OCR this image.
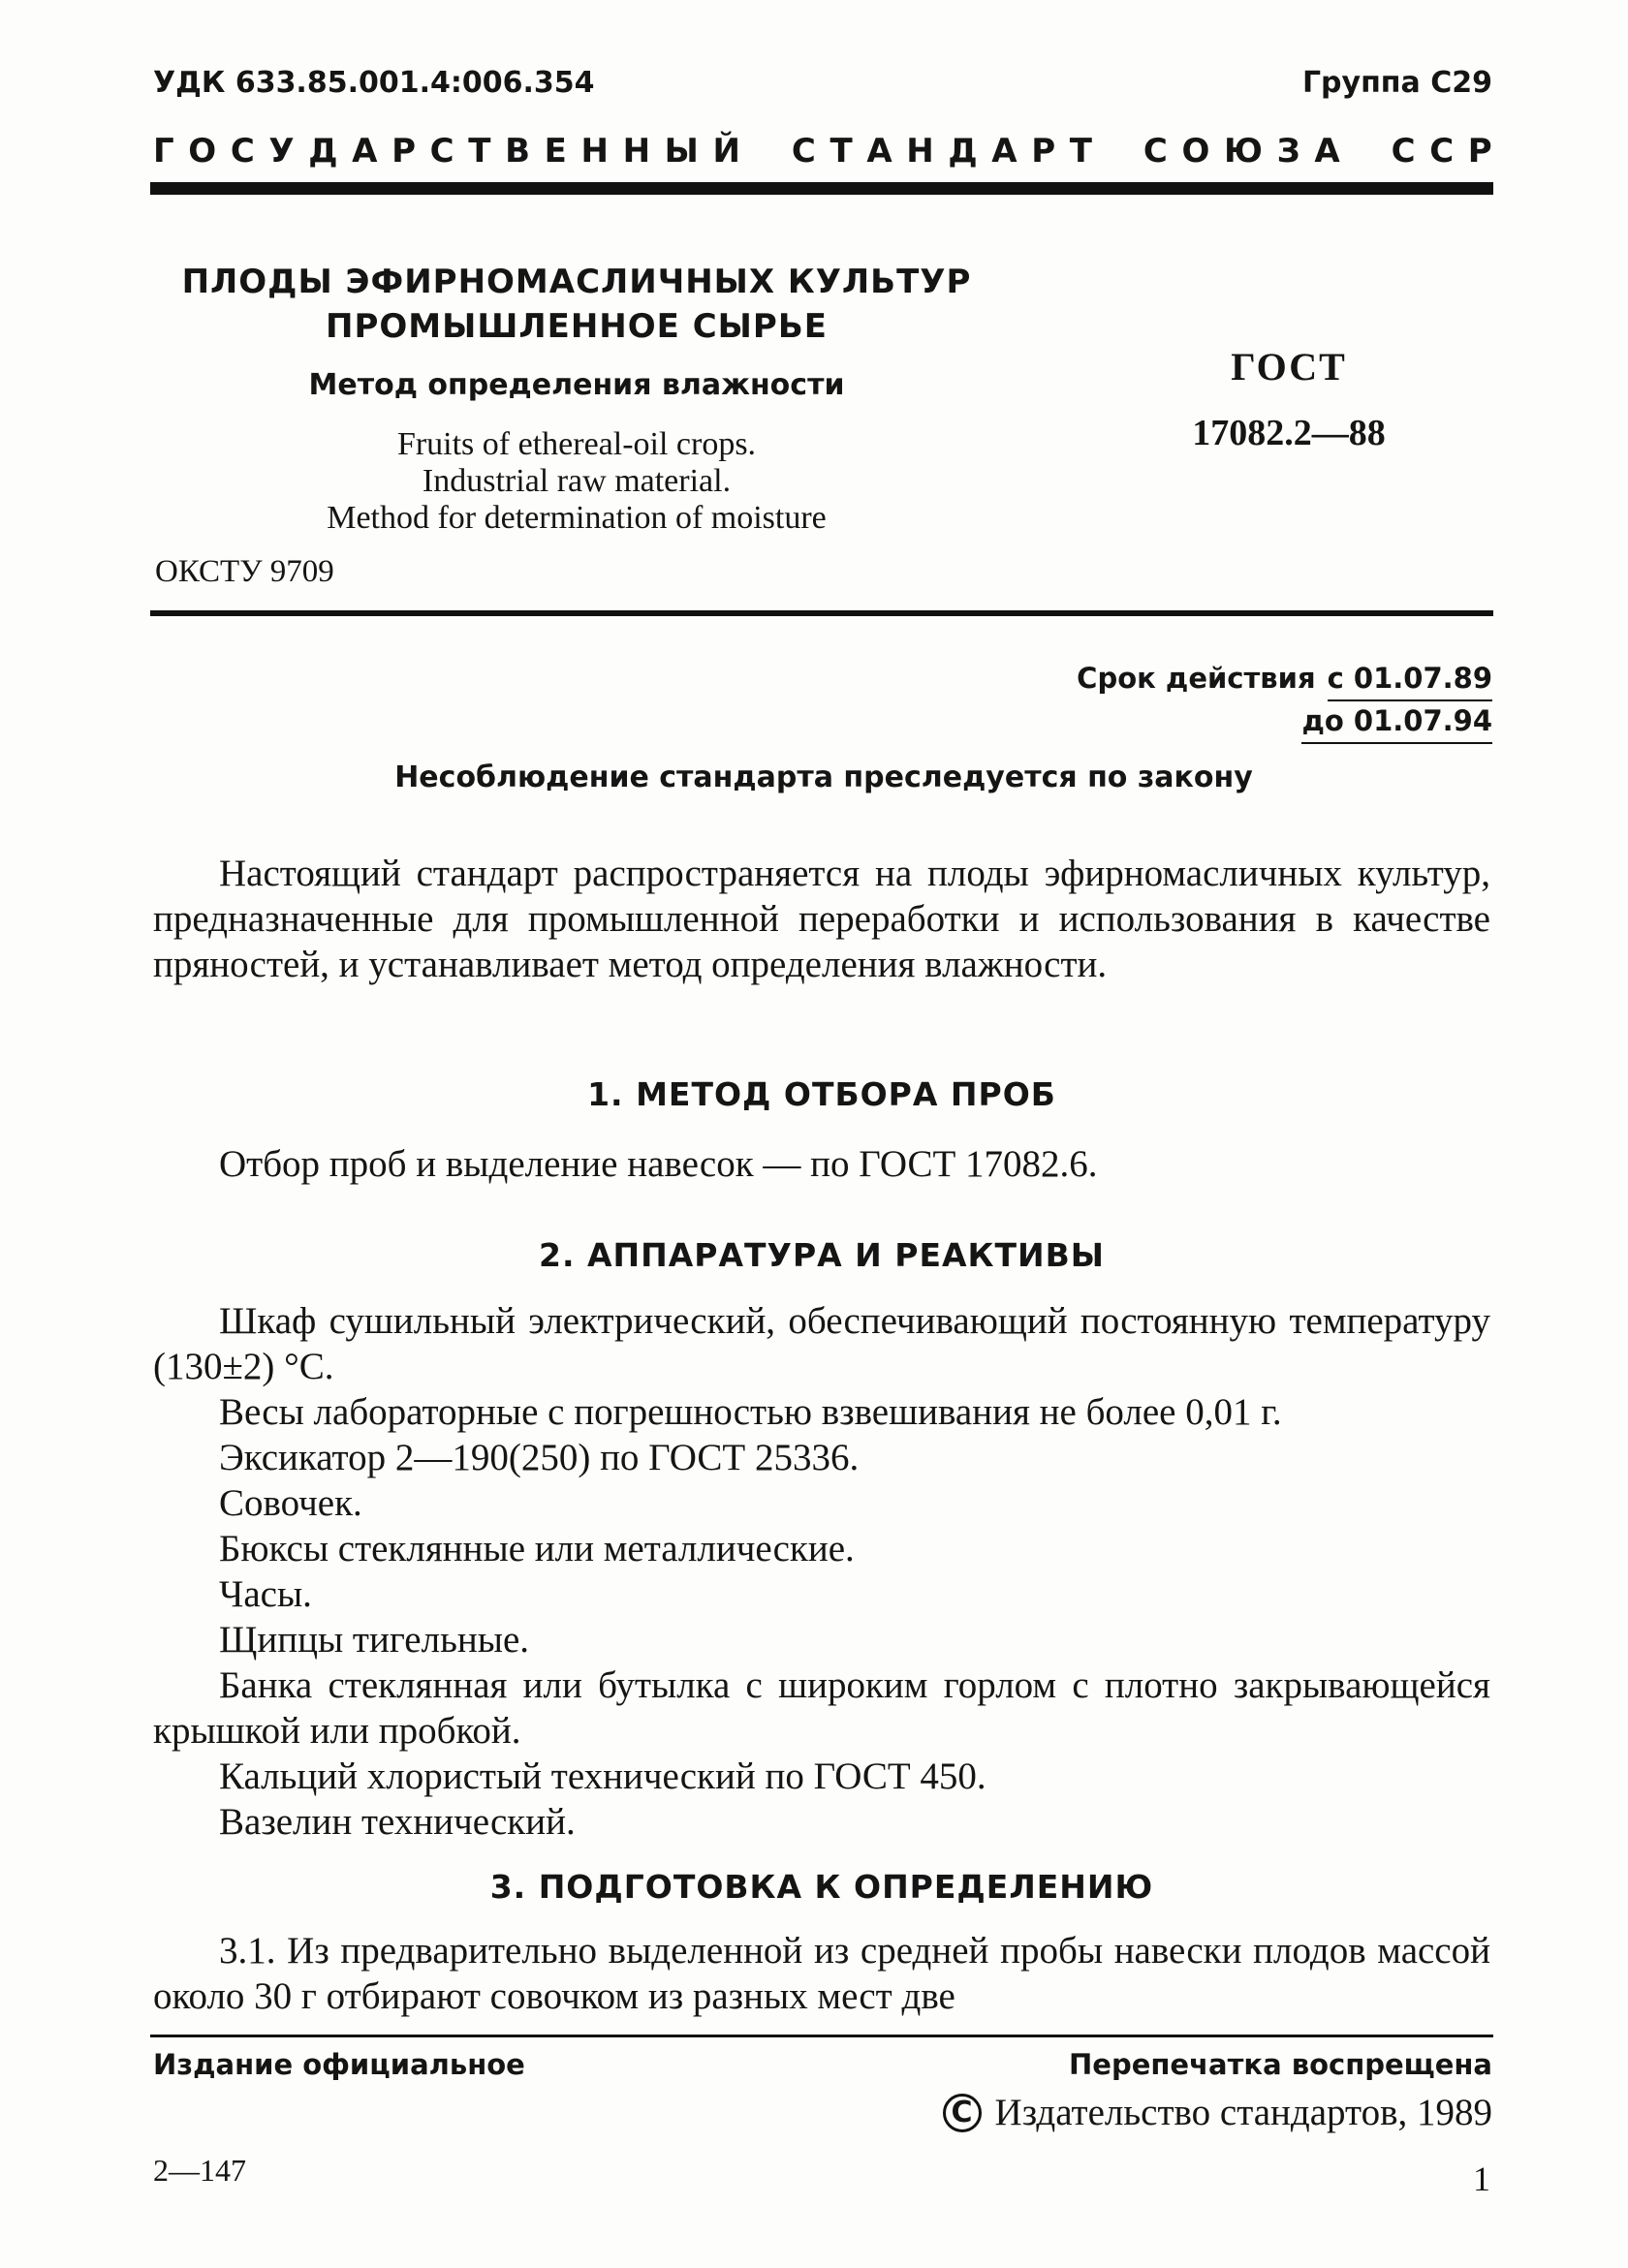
УДК 633.85.001.4:006.354	Группа С29
Г О С У Д А Р С Т В Е Н Н Ы Й
С Т А Н Д А Р Т
С О Ю З А
С С Р
ПЛОДЫ ЭФИРНОМАСЛИЧНЫХ КУЛЬТУР
ПРОМЫШЛЕННОЕ СЫРЬЕ
Метод определения влажности
Fruits of ethereal-oil crops.
Industrial raw material.
Method for determination of moisture
ГОСТ
17082.2—88
ОКСТУ 9709
Срок действия с 01.07.89
до 01.07.94
Несоблюдение стандарта преследуется по закону

Настоящий стандарт распространяется на плоды эфирномасличных культур, предназначенные для промышленной переработки и использования в качестве пряностей, и устанавливает метод определения влажности.

1. МЕТОД ОТБОРА ПРОБ

Отбор проб и выделение навесок — по ГОСТ 17082.6.

2. АППАРАТУРА И РЕАКТИВЫ

Шкаф сушильный электрический, обеспечивающий постоянную температуру (130±2) °С.

Весы лабораторные с погрешностью взвешивания не более 0,01 г.

Эксикатор 2—190(250) по ГОСТ 25336.

Совочек.

Бюксы стеклянные или металлические.

Часы.

Щипцы тигельные.

Банка стеклянная или бутылка с широким горлом с плотно закрывающейся крышкой или пробкой.

Кальций хлористый технический по ГОСТ 450.

Вазелин технический.

3. ПОДГОТОВКА К ОПРЕДЕЛЕНИЮ

3.1. Из предварительно выделенной из средней пробы навески плодов массой около 30 г отбирают совочком из разных мест две

Издание официальное	Перепечатка воспрещена
С Издательство стандартов, 1989
2—147	1
